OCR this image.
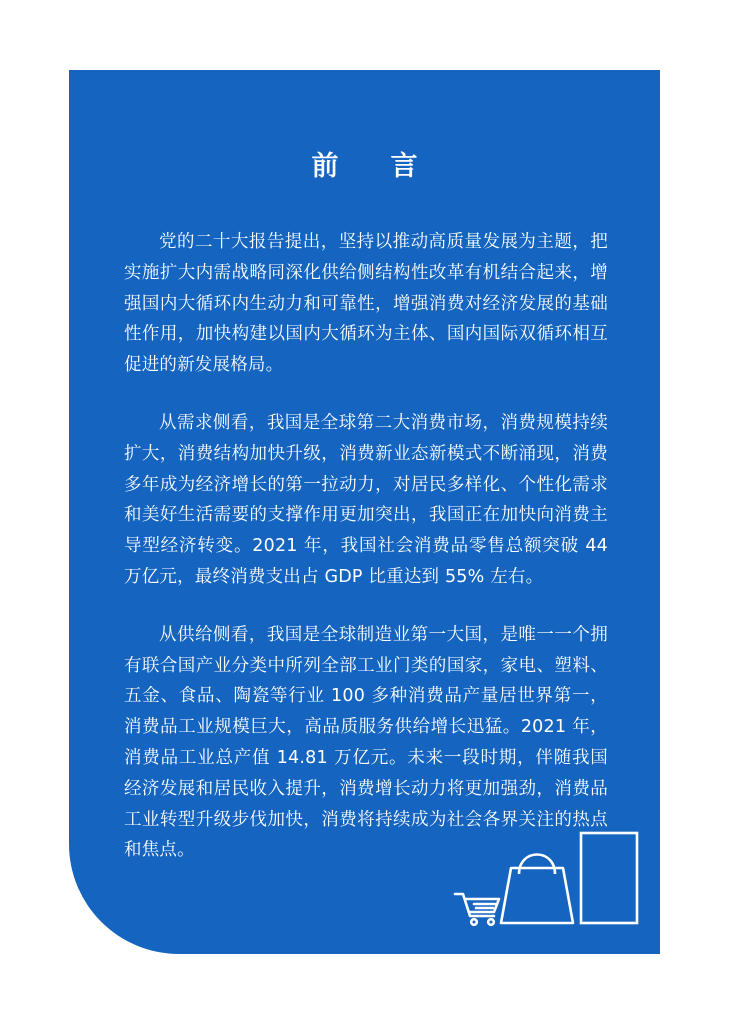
前言

党的二十大报告提出，坚持以推动高质量发展为主题，把实施扩大内需战略同深化供给侧结构性改革有机结合起来，增强国内大循环内生动力和可靠性，增强消费对经济发展的基础性作用，加快构建以国内大循环为主体、国内国际双循环相互促进的新发展格局。

从需求侧看，我国是全球第二大消费市场，消费规模持续扩大，消费结构加快升级，消费新业态新模式不断涌现，消费多年成为经济增长的第一拉动力，对居民多样化、个性化需求和美好生活需要的支撑作用更加突出，我国正在加快向消费主导型经济转变。2021 年，我国社会消费品零售总额突破 44 万亿元，最终消费支出占 GDP 比重达到 55% 左右。

从供给侧看，我国是全球制造业第一大国，是唯一一个拥有联合国产业分类中所列全部工业门类的国家，家电、塑料、五金、食品、陶瓷等行业 100 多种消费品产量居世界第一，消费品工业规模巨大，高品质服务供给增长迅猛。2021 年，消费品工业总产值 14.81 万亿元。未来一段时期，伴随我国经济发展和居民收入提升，消费增长动力将更加强劲，消费品工业转型升级步伐加快，消费将持续成为社会各界关注的热点和焦点。
